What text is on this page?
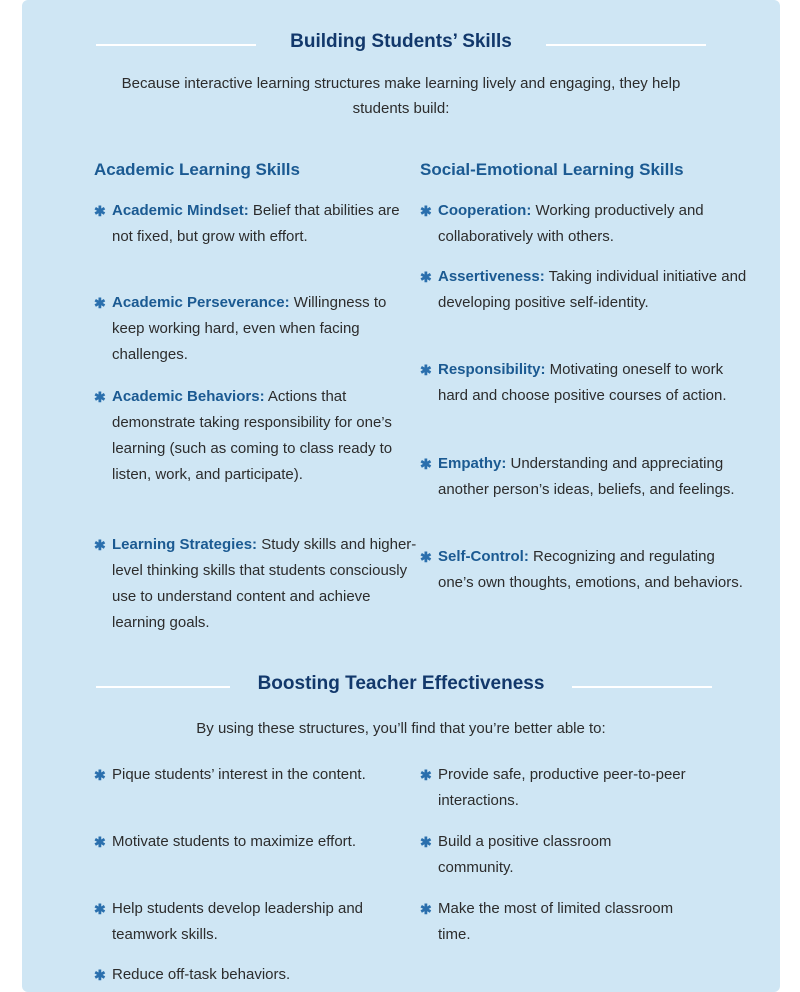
Building Students’ Skills
Because interactive learning structures make learning lively and engaging, they help students build:
Academic Learning Skills
✱ Academic Mindset: Belief that abilities are not fixed, but grow with effort.
✱ Academic Perseverance: Willingness to keep working hard, even when facing challenges.
✱ Academic Behaviors: Actions that demonstrate taking responsibility for one’s learning (such as coming to class ready to listen, work, and participate).
✱ Learning Strategies: Study skills and higher-level thinking skills that students consciously use to understand content and achieve learning goals.
Social-Emotional Learning Skills
✱ Cooperation: Working productively and collaboratively with others.
✱ Assertiveness: Taking individual initiative and developing positive self-identity.
✱ Responsibility: Motivating oneself to work hard and choose positive courses of action.
✱ Empathy: Understanding and appreciating another person’s ideas, beliefs, and feelings.
✱ Self-Control: Recognizing and regulating one’s own thoughts, emotions, and behaviors.
Boosting Teacher Effectiveness
By using these structures, you’ll find that you’re better able to:
✱ Pique students’ interest in the content.
✱ Motivate students to maximize effort.
✱ Help students develop leadership and teamwork skills.
✱ Reduce off-task behaviors.
✱ Provide safe, productive peer-to-peer interactions.
✱ Build a positive classroom community.
✱ Make the most of limited classroom time.
